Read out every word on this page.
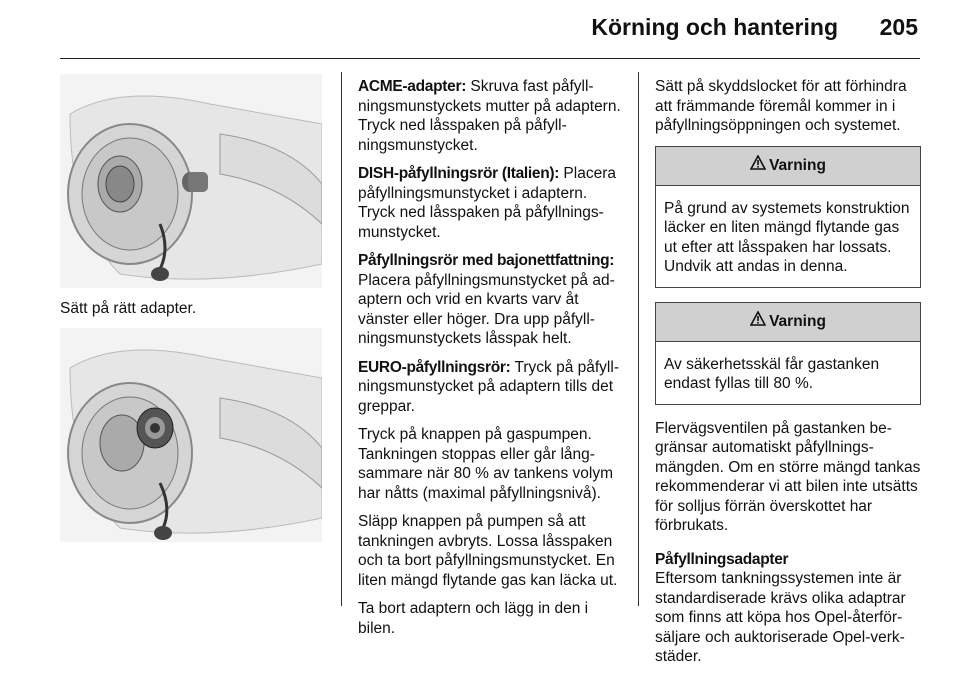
Körning och hantering 205
Sätt på rätt adapter.

ACME-adapter: Skruva fast påfyllningsmunstyckets mutter på adaptern. Tryck ned låsspaken på påfyllningsmunstycket.

DISH-påfyllningsrör (Italien): Placera påfyllningsmunstycket i adaptern. Tryck ned låsspaken på påfyllningsmunstycket.

Påfyllningsrör med bajonettfattning: Placera påfyllningsmunstycket på adaptern och vrid en kvarts varv åt vänster eller höger. Dra upp påfyllningsmunstyckets låsspak helt.

EURO-påfyllningsrör: Tryck på påfyllningsmunstycket på adaptern tills det greppar.

Tryck på knappen på gaspumpen. Tankningen stoppas eller går långsammare när 80 % av tankens volym har nåtts (maximal påfyllningsnivå).

Släpp knappen på pumpen så att tankningen avbryts. Lossa låsspaken och ta bort påfyllningsmunstycket. En liten mängd flytande gas kan läcka ut.

Ta bort adaptern och lägg in den i bilen.

Sätt på skyddslocket för att förhindra att främmande föremål kommer in i påfyllningsöppningen och systemet.

Varning
På grund av systemets konstruktion läcker en liten mängd flytande gas ut efter att låsspaken har lossats. Undvik att andas in denna.
Varning
Av säkerhetsskäl får gastanken endast fyllas till 80 %.

Flervägsventilen på gastanken begränsar automatiskt påfyllningsmängden. Om en större mängd tankas rekommenderar vi att bilen inte utsätts för solljus förrän överskottet har förbrukats.

Påfyllningsadapter

Eftersom tankningssystemen inte är standardiserade krävs olika adaptrar som finns att köpa hos Opel-återförsäljare och auktoriserade Opel-verkstäder.
